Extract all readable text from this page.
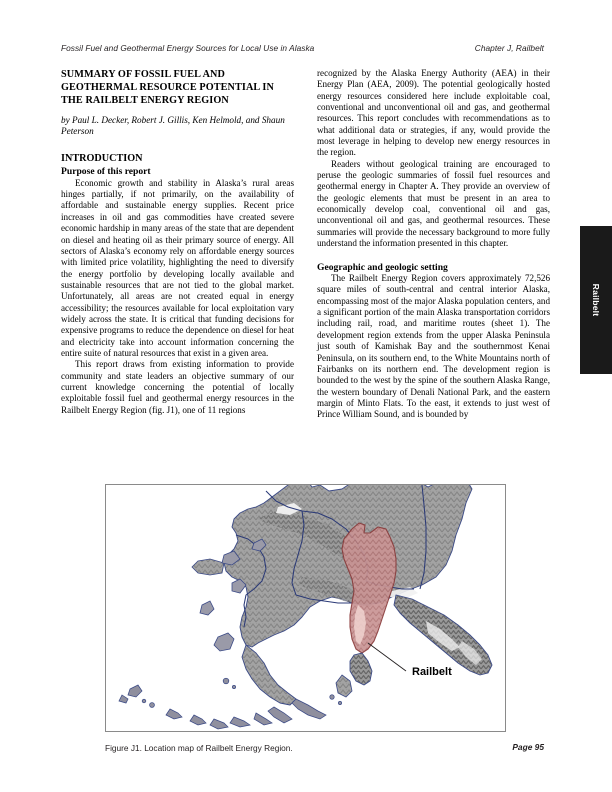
Fossil Fuel and Geothermal Energy Sources for Local Use in Alaska	Chapter J, Railbelt
SUMMARY OF FOSSIL FUEL AND GEOTHERMAL RESOURCE POTENTIAL IN THE RAILBELT ENERGY REGION
by Paul L. Decker, Robert J. Gillis, Ken Helmold, and Shaun Peterson
INTRODUCTION
Purpose of this report

Economic growth and stability in Alaska’s rural areas hinges partially, if not primarily, on the availability of affordable and sustainable energy supplies. Recent price increases in oil and gas commodities have created severe economic hardship in many areas of the state that are dependent on diesel and heating oil as their primary source of energy. All sectors of Alaska’s economy rely on affordable energy sources with limited price volatility, highlighting the need to diversify the energy portfolio by developing locally available and sustainable resources that are not tied to the global market. Unfortunately, all areas are not created equal in energy accessibility; the resources available for local exploitation vary widely across the state. It is critical that funding decisions for expensive programs to reduce the dependence on diesel for heat and electricity take into account information concerning the entire suite of natural resources that exist in a given area.

This report draws from existing information to provide community and state leaders an objective summary of our current knowledge concerning the potential of locally exploitable fossil fuel and geothermal energy resources in the Railbelt Energy Region (fig. J1), one of 11 regions

recognized by the Alaska Energy Authority (AEA) in their Energy Plan (AEA, 2009). The potential geologically hosted energy resources considered here include exploitable coal, conventional and unconventional oil and gas, and geothermal resources. This report concludes with recommendations as to what additional data or strategies, if any, would provide the most leverage in helping to develop new energy resources in the region.

Readers without geological training are encouraged to peruse the geologic summaries of fossil fuel resources and geothermal energy in Chapter A. They provide an overview of the geologic elements that must be present in an area to economically develop coal, conventional oil and gas, unconventional oil and gas, and geothermal resources. These summaries will provide the necessary background to more fully understand the information presented in this chapter.

Geographic and geologic setting

The Railbelt Energy Region covers approximately 72,526 square miles of south-central and central interior Alaska, encompassing most of the major Alaska population centers, and a significant portion of the main Alaska transportation corridors including rail, road, and maritime routes (sheet 1). The development region extends from the upper Alaska Peninsula just south of Kamishak Bay and the southernmost Kenai Peninsula, on its southern end, to the White Mountains north of Fairbanks on its northern end. The development region is bounded to the west by the spine of the southern Alaska Range, the western boundary of Denali National Park, and the eastern margin of Minto Flats. To the east, it extends to just west of Prince William Sound, and is bounded by

Railbelt
Railbelt
Figure J1. Location map of Railbelt Energy Region.	Page 95
